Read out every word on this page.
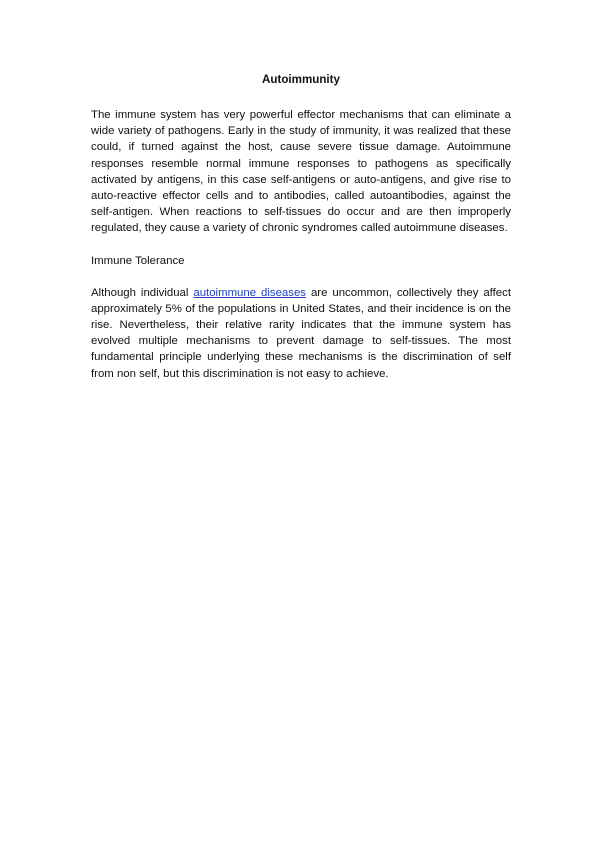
Autoimmunity

The immune system has very powerful effector mechanisms that can eliminate a wide variety of pathogens. Early in the study of immunity, it was realized that these could, if turned against the host, cause severe tissue damage. Autoimmune responses resemble normal immune responses to pathogens as specifically activated by antigens, in this case self-antigens or auto-antigens, and give rise to auto-reactive effector cells and to antibodies, called autoantibodies, against the self-antigen. When reactions to self-tissues do occur and are then improperly regulated, they cause a variety of chronic syndromes called autoimmune diseases.

Immune Tolerance

Although individual autoimmune diseases are uncommon, collectively they affect approximately 5% of the populations in United States, and their incidence is on the rise. Nevertheless, their relative rarity indicates that the immune system has evolved multiple mechanisms to prevent damage to self-tissues. The most fundamental principle underlying these mechanisms is the discrimination of self from non self, but this discrimination is not easy to achieve.
